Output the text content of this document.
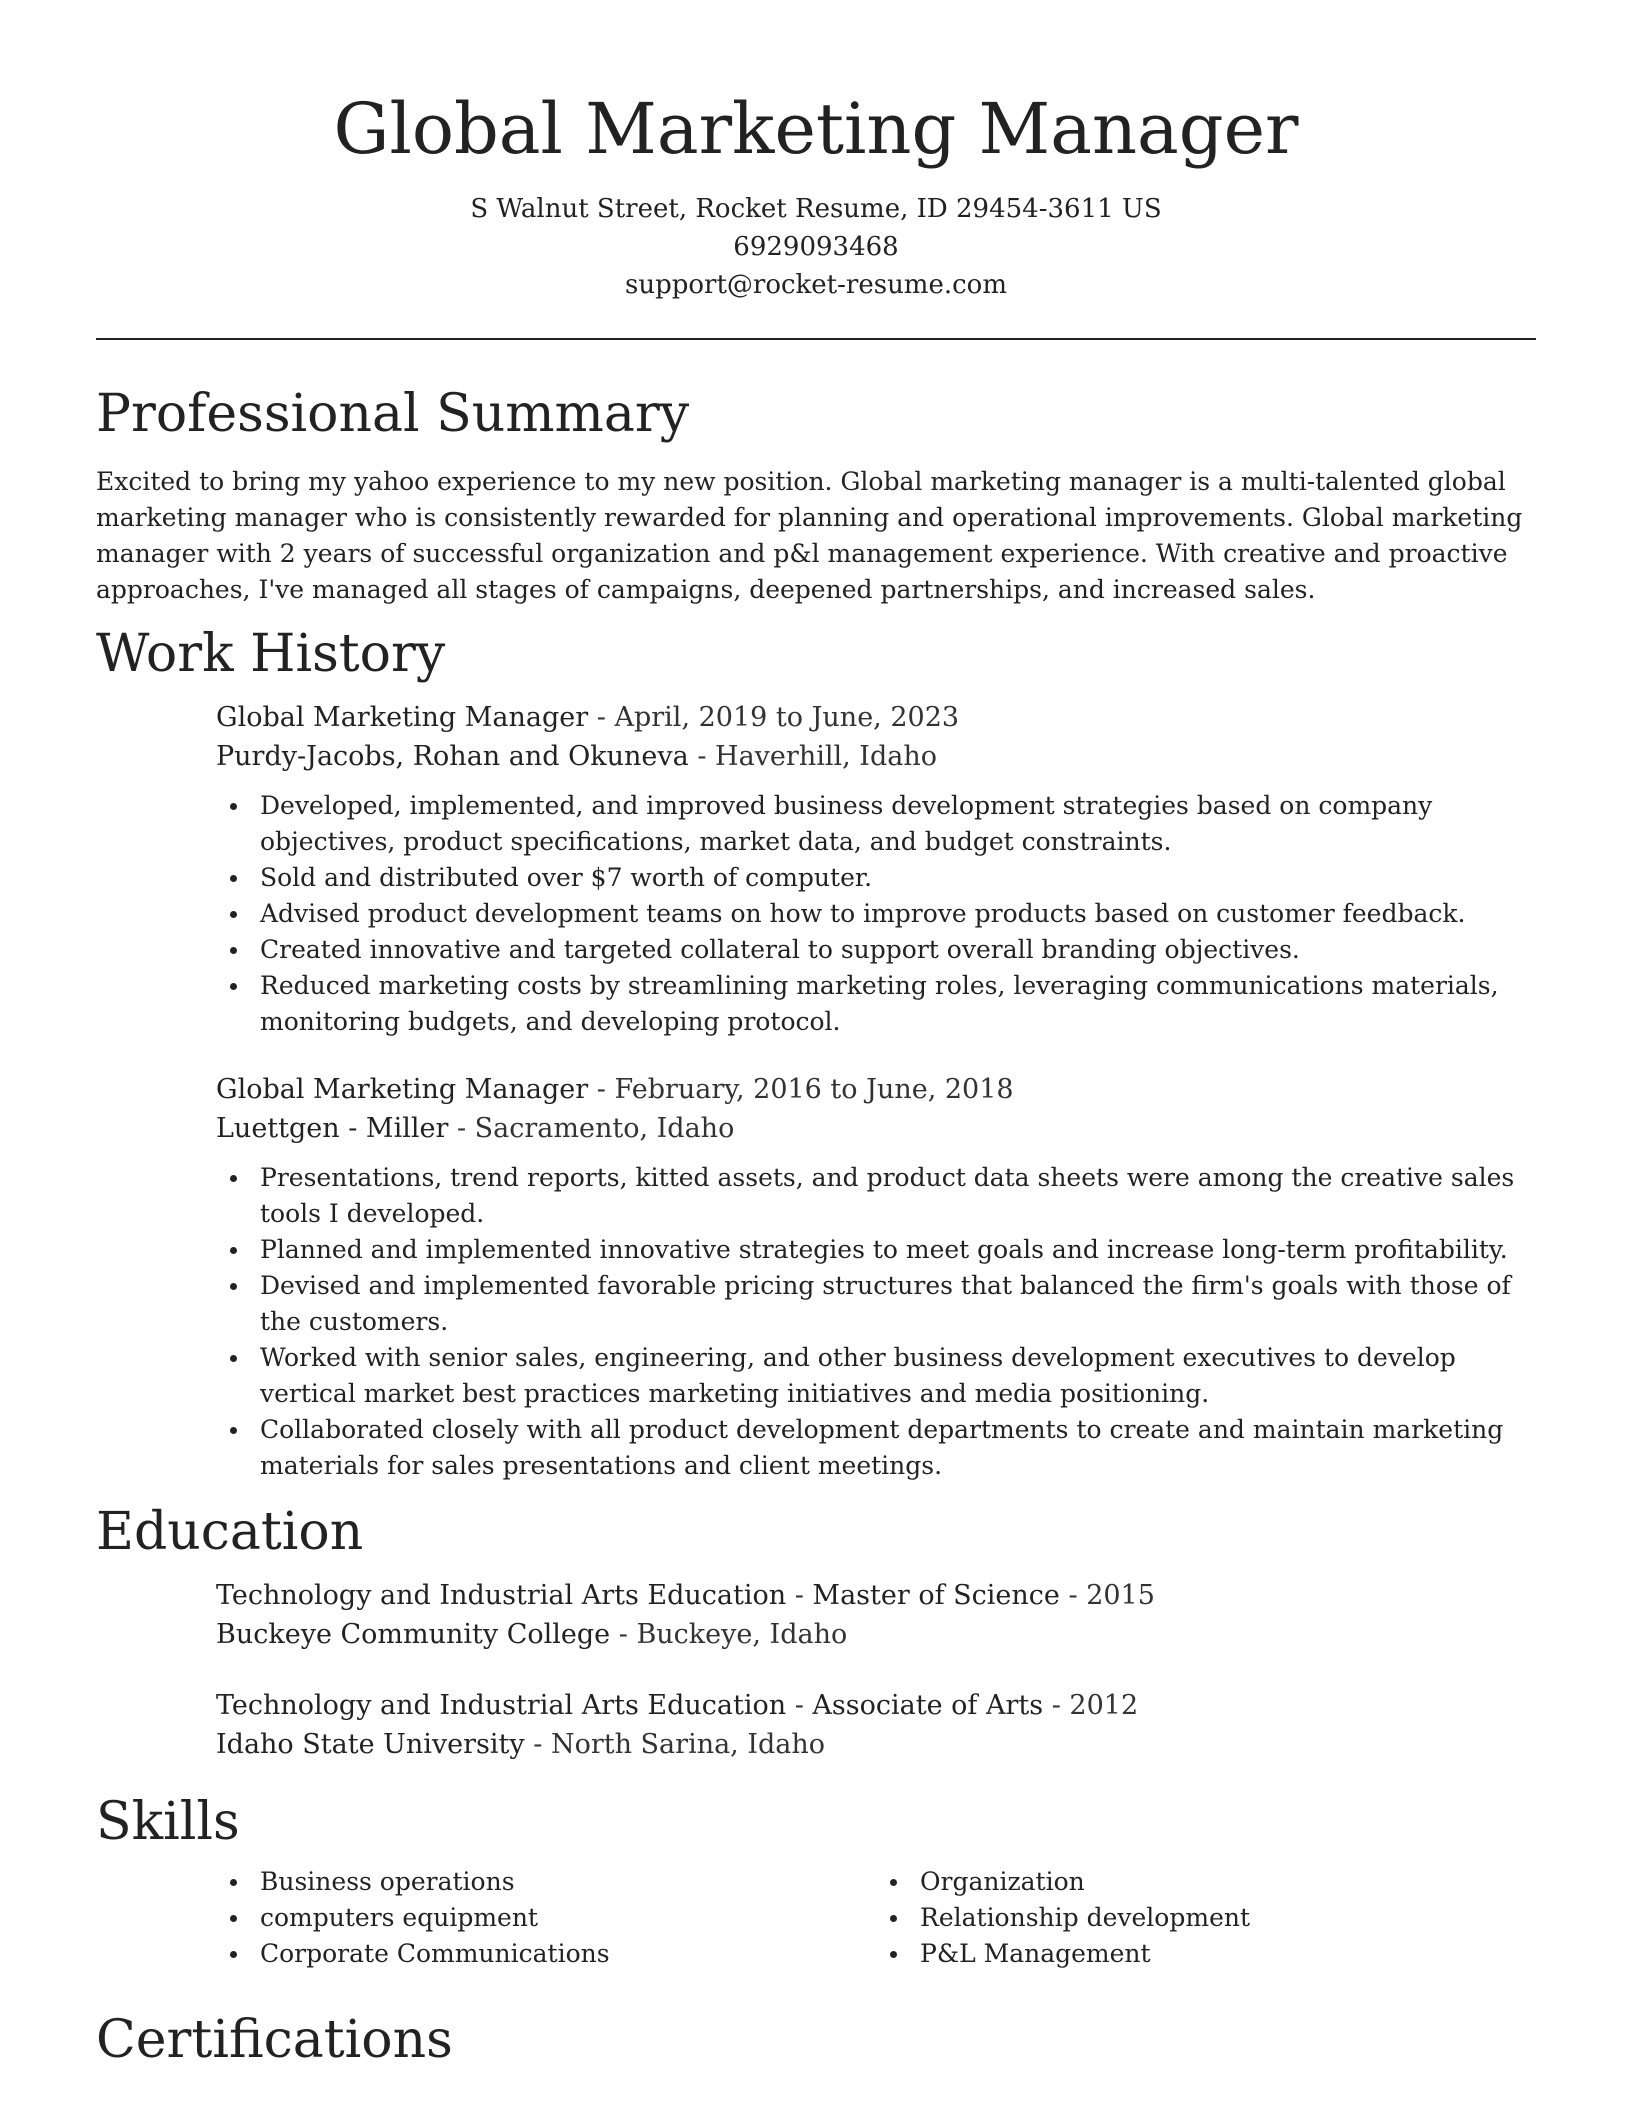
Global Marketing Manager
S Walnut Street, Rocket Resume, ID 29454-3611 US
6929093468
support@rocket-resume.com
Professional Summary

Excited to bring my yahoo experience to my new position. Global marketing manager is a multi-talented global marketing manager who is consistently rewarded for planning and operational improvements. Global marketing manager with 2 years of successful organization and p&l management experience. With creative and proactive approaches, I've managed all stages of campaigns, deepened partnerships, and increased sales.

Work History
Global Marketing Manager - April, 2019 to June, 2023
Purdy-Jacobs, Rohan and Okuneva - Haverhill, Idaho
Developed, implemented, and improved business development strategies based on company objectives, product specifications, market data, and budget constraints.
Sold and distributed over $7 worth of computer.
Advised product development teams on how to improve products based on customer feedback.
Created innovative and targeted collateral to support overall branding objectives.
Reduced marketing costs by streamlining marketing roles, leveraging communications materials, monitoring budgets, and developing protocol.
Global Marketing Manager - February, 2016 to June, 2018
Luettgen - Miller - Sacramento, Idaho
Presentations, trend reports, kitted assets, and product data sheets were among the creative sales tools I developed.
Planned and implemented innovative strategies to meet goals and increase long-term profitability.
Devised and implemented favorable pricing structures that balanced the firm's goals with those of the customers.
Worked with senior sales, engineering, and other business development executives to develop vertical market best practices marketing initiatives and media positioning.
Collaborated closely with all product development departments to create and maintain marketing materials for sales presentations and client meetings.
Education
Technology and Industrial Arts Education - Master of Science - 2015
Buckeye Community College - Buckeye, Idaho
Technology and Industrial Arts Education - Associate of Arts - 2012
Idaho State University - North Sarina, Idaho
Skills
Business operations
computers equipment
Corporate Communications
Organization
Relationship development
P&L Management
Certifications
